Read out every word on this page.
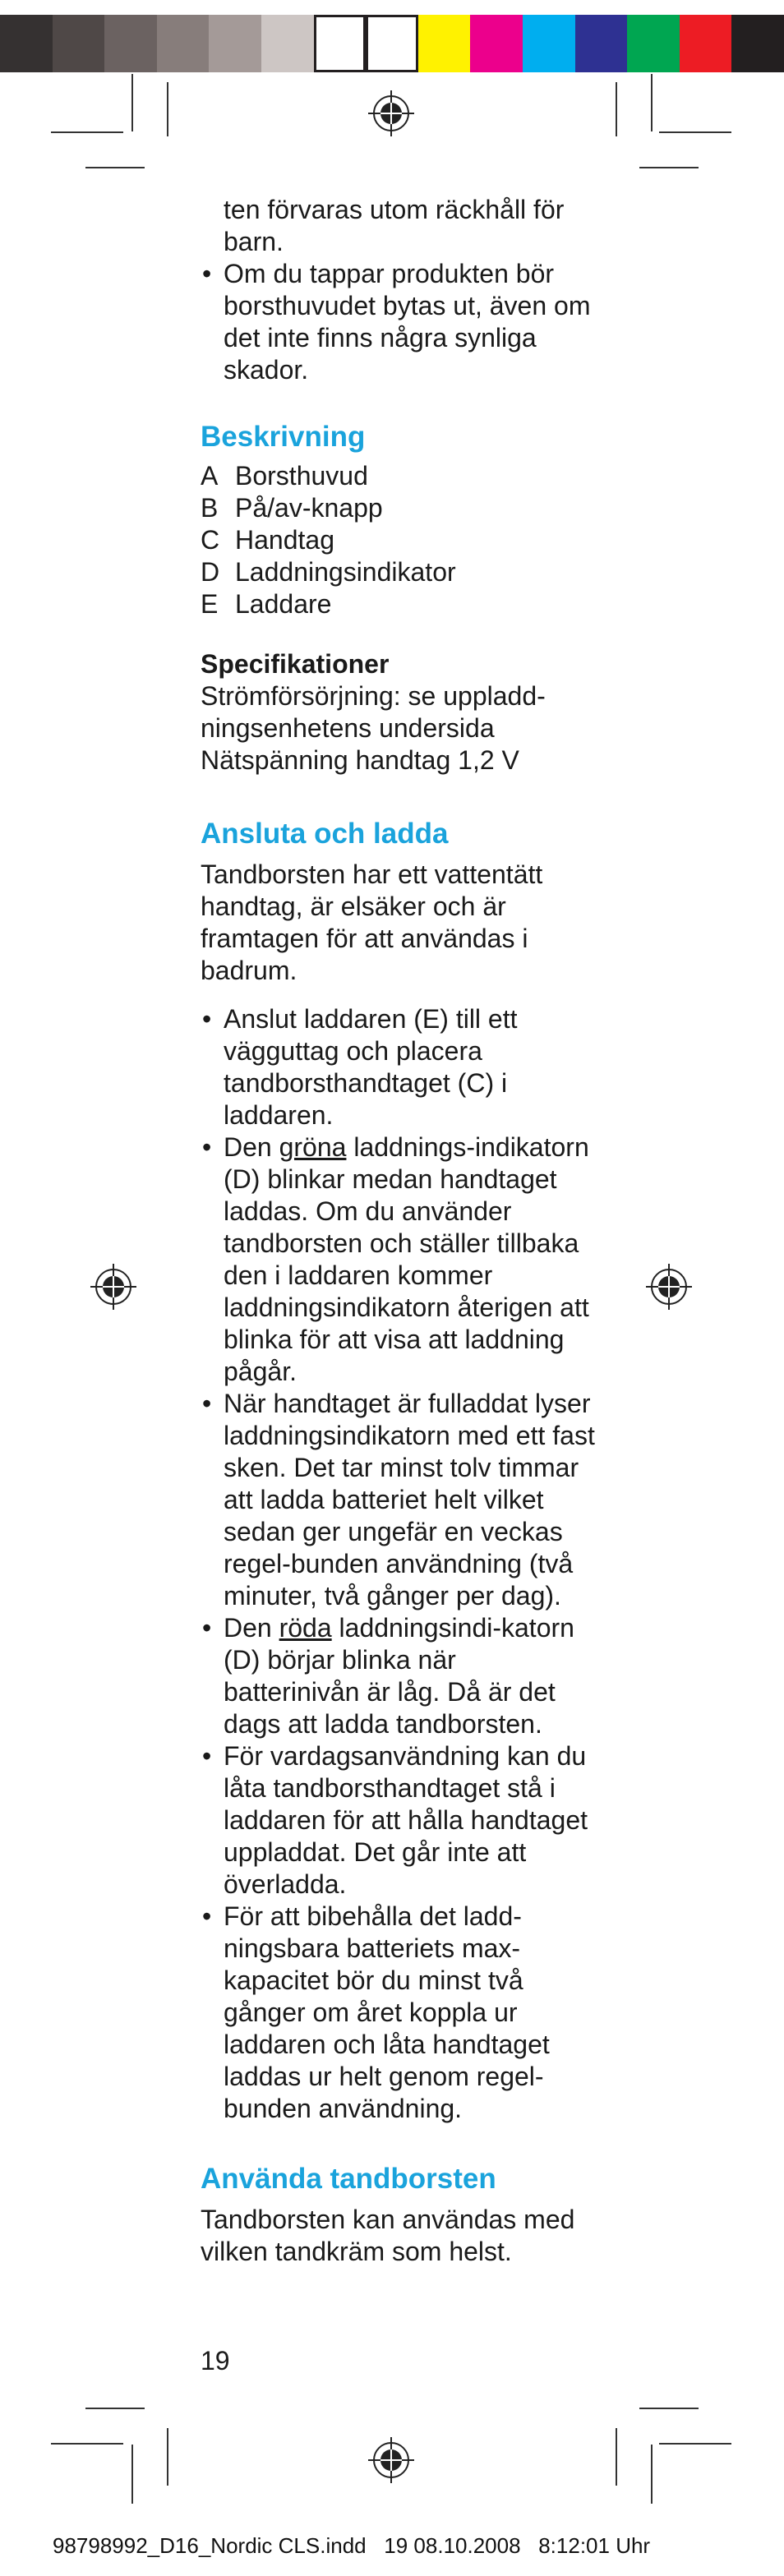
ten förvaras utom räckhåll för barn.
• Om du tappar produkten bör borsthuvudet bytas ut, även om det inte finns några synliga skador.
Beskrivning
A Borsthuvud
B På/av-knapp
C Handtag
D Laddningsindikator
E Laddare

Specifikationer

Strömförsörjning: se uppladd-ningsenhetens undersida

Nätspänning handtag 1,2 V

Ansluta och ladda

Tandborsten har ett vattentätt handtag, är elsäker och är framtagen för att användas i badrum.

• Anslut laddaren (E) till ett vägguttag och placera tandborsthandtaget (C) i laddaren.
• Den gröna laddnings-indikatorn (D) blinkar medan handtaget laddas. Om du använder tandborsten och ställer tillbaka den i laddaren kommer laddningsindikatorn återigen att blinka för att visa att laddning pågår.
• När handtaget är fulladdat lyser laddningsindikatorn med ett fast sken. Det tar minst tolv timmar att ladda batteriet helt vilket sedan ger ungefär en veckas regel-bunden användning (två minuter, två gånger per dag).
• Den röda laddningsindi-katorn (D) börjar blinka när batterinivån är låg. Då är det dags att ladda tandborsten.
• För vardagsanvändning kan du låta tandborsthandtaget stå i laddaren för att hålla handtaget uppladdat. Det går inte att överladda.
• För att bibehålla det ladd-ningsbara batteriets max-kapacitet bör du minst två gånger om året koppla ur laddaren och låta handtaget laddas ur helt genom regel-bunden användning.
Använda tandborsten

Tandborsten kan användas med vilken tandkräm som helst.

19
98798992_D16_Nordic CLS.indd   19 08.10.2008   8:12:01 Uhr
